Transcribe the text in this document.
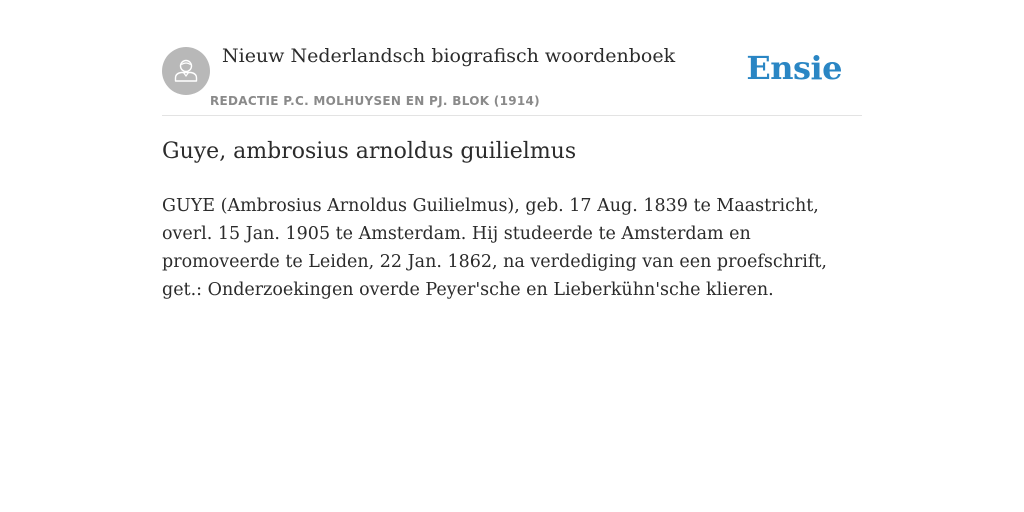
Nieuw Nederlandsch biografisch woordenboek
REDACTIE P.C. MOLHUYSEN EN PJ. BLOK (1914)
Ensie
Guye, ambrosius arnoldus guilielmus

GUYE (Ambrosius Arnoldus Guilielmus), geb. 17 Aug. 1839 te Maastricht, overl. 15 Jan. 1905 te Amsterdam. Hij studeerde te Amsterdam en promoveerde te Leiden, 22 Jan. 1862, na verdediging van een proefschrift, get.: Onderzoekingen overde Peyer'sche en Lieberkühn'sche klieren.
